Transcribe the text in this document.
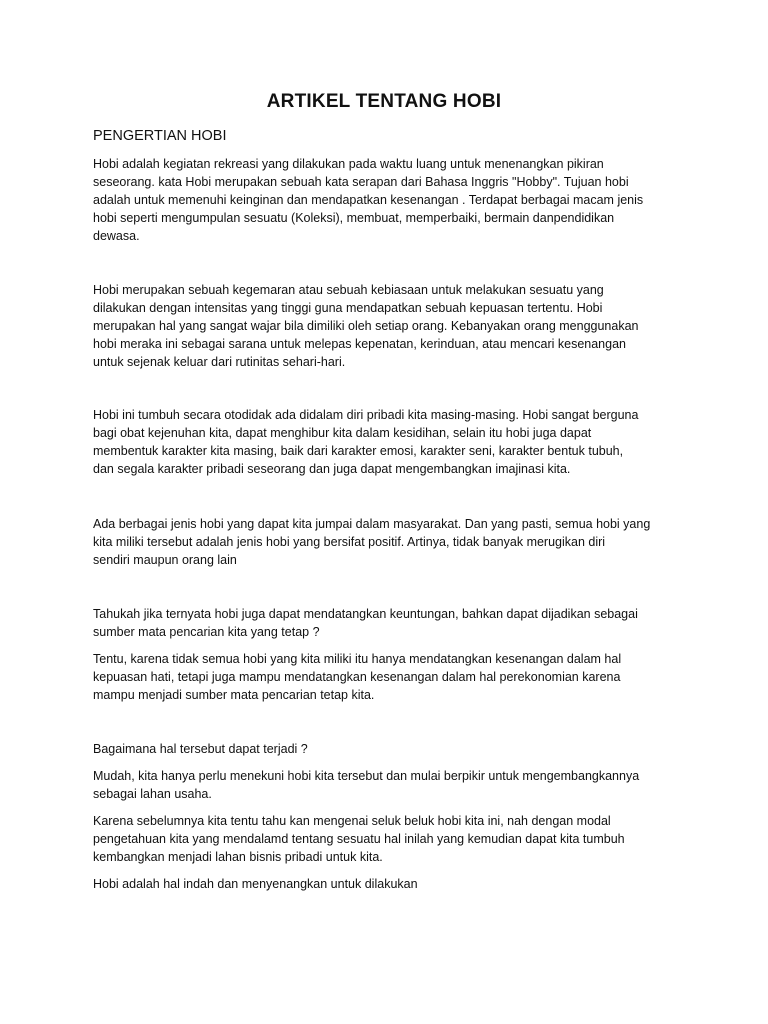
ARTIKEL TENTANG HOBI
PENGERTIAN HOBI

Hobi adalah kegiatan rekreasi yang dilakukan pada waktu luang untuk menenangkan pikiran
seseorang. kata Hobi merupakan sebuah kata serapan dari Bahasa Inggris "Hobby". Tujuan hobi
adalah untuk memenuhi keinginan dan mendapatkan kesenangan . Terdapat berbagai macam jenis
hobi seperti mengumpulan sesuatu (Koleksi), membuat, memperbaiki, bermain danpendidikan
dewasa.

Hobi merupakan sebuah kegemaran atau sebuah kebiasaan untuk melakukan sesuatu yang
dilakukan dengan intensitas yang tinggi guna mendapatkan sebuah kepuasan tertentu. Hobi
merupakan hal yang sangat wajar bila dimiliki oleh setiap orang. Kebanyakan orang menggunakan
hobi meraka ini sebagai sarana untuk melepas kepenatan, kerinduan, atau mencari kesenangan
untuk sejenak keluar dari rutinitas sehari-hari.

Hobi ini tumbuh secara otodidak ada didalam diri pribadi kita masing-masing. Hobi sangat berguna
bagi obat kejenuhan kita, dapat menghibur kita dalam kesidihan, selain itu hobi juga dapat
membentuk karakter kita masing, baik dari karakter emosi, karakter seni, karakter bentuk tubuh,
dan segala karakter pribadi seseorang dan juga dapat mengembangkan imajinasi kita.

Ada berbagai jenis hobi yang dapat kita jumpai dalam masyarakat. Dan yang pasti, semua hobi yang
kita miliki tersebut adalah jenis hobi yang bersifat positif. Artinya, tidak banyak merugikan diri
sendiri maupun orang lain

Tahukah jika ternyata hobi juga dapat mendatangkan keuntungan, bahkan dapat dijadikan sebagai
sumber mata pencarian kita yang tetap ?

Tentu, karena tidak semua hobi yang kita miliki itu hanya mendatangkan kesenangan dalam hal
kepuasan hati, tetapi juga mampu mendatangkan kesenangan dalam hal perekonomian karena
mampu menjadi sumber mata pencarian tetap kita.

Bagaimana hal tersebut dapat terjadi ?

Mudah, kita hanya perlu menekuni hobi kita tersebut dan mulai berpikir untuk mengembangkannya
sebagai lahan usaha.

Karena sebelumnya kita tentu tahu kan mengenai seluk beluk hobi kita ini, nah dengan modal
pengetahuan kita yang mendalamd tentang sesuatu hal inilah yang kemudian dapat kita tumbuh
kembangkan menjadi lahan bisnis pribadi untuk kita.

Hobi adalah hal indah dan menyenangkan untuk dilakukan
